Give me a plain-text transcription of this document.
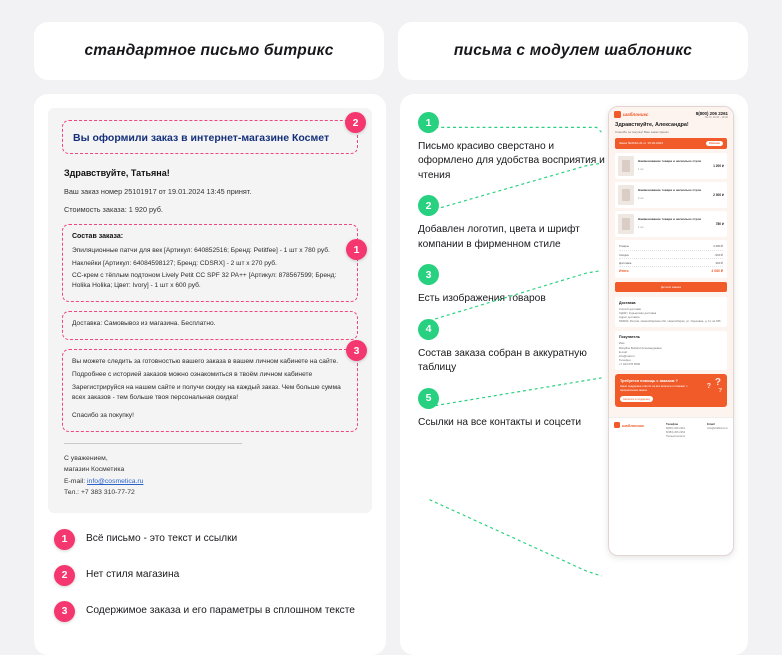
стандартное письмо битрикс	письма с модулем шаблоникс
Вы оформили заказ в интернет-магазине Космет
2
Здравствуйте, Татьяна!
Ваш заказ номер 25101917 от 19.01.2024 13:45 принят.
Стоимость заказа: 1 920 руб.

Состав заказа:

Эпиляционные патчи для век [Артикул: 640852516; Бренд: Petitfee] - 1 шт x 780 руб.

Наклейки [Артикул: 64084598127; Бренд: CDSRX] - 2 шт x 270 руб.

CC-крем с тёплым подтоном Lively Petit CC SPF 32 PA++ [Артикул: 878567599; Бренд: Holika Holika; Цвет: Ivory] - 1 шт x 600 руб.

1

Доставка: Самовывоз из магазина. Бесплатно.

Вы можете следить за готовностью вашего заказа в вашем личном кабинете на сайте.

Подробнее с историей заказов можно ознакомиться в твоём личном кабинете

Зарегистрируйся на нашем сайте и получи скидку на каждый заказ. Чем больше сумма всех заказов - тем больше твоя персональная скидка!

Спасибо за покупку!

3
С уважением,
магазин Косметика
E-mail: info@cosmetica.ru
Тел.: +7 383 310-77-72
1	Всё письмо - это текст и ссылки
2	Нет стиля магазина
3	Содержимое заказа и его параметры в сплошном тексте
1
Письмо красиво сверстано и оформлено для удобства восприятия и чтения
2
Добавлен логотип, цвета и шрифт компании в фирменном стиле
3
Есть изображения товаров
4
Состав заказа собран в аккуратную таблицу
5
Ссылки на все контакты и соцсети
шаблоникс	8(800) 206 2261
Пн-Пт 10:00 - 19:00
Здравствуйте, Александра!
Спасибо за покупку! Ваш заказ принят.
Заказ №1510-21 от 15.04.2024	Оплачен
Наименование товара и несколько строк
1 шт
1 200 ₽
Наименование товара и несколько строк
2 шт
2 300 ₽
Наименование товара и несколько строк
1 шт
780 ₽
Товары	4 280 ₽
Скидка	-500 ₽
Доставка	300 ₽
Итого	4 080 ₽
Детали заказа
Доставка
Способ доставки
СДЭК / Курьерская доставка
Адрес доставки
630000, Россия, Новосибирская обл, Новосибирск, ул. Ореховая, д. 11, кв 186
Покупатель
Имя
Marylline Borland Александровна
E-mail
info@mail.ru
Телефон
+7 913 678 5000
?
?
?
Требуется помощь с заказом ?
Наши поддержка ответит на все вопросы и поможет с оформлением заказа.
Написать в поддержку
шаблоникс	Телефон
8(800) 206 2261
8(383) 206 2262
Полный каталог
Email
info@shablonix.ru
